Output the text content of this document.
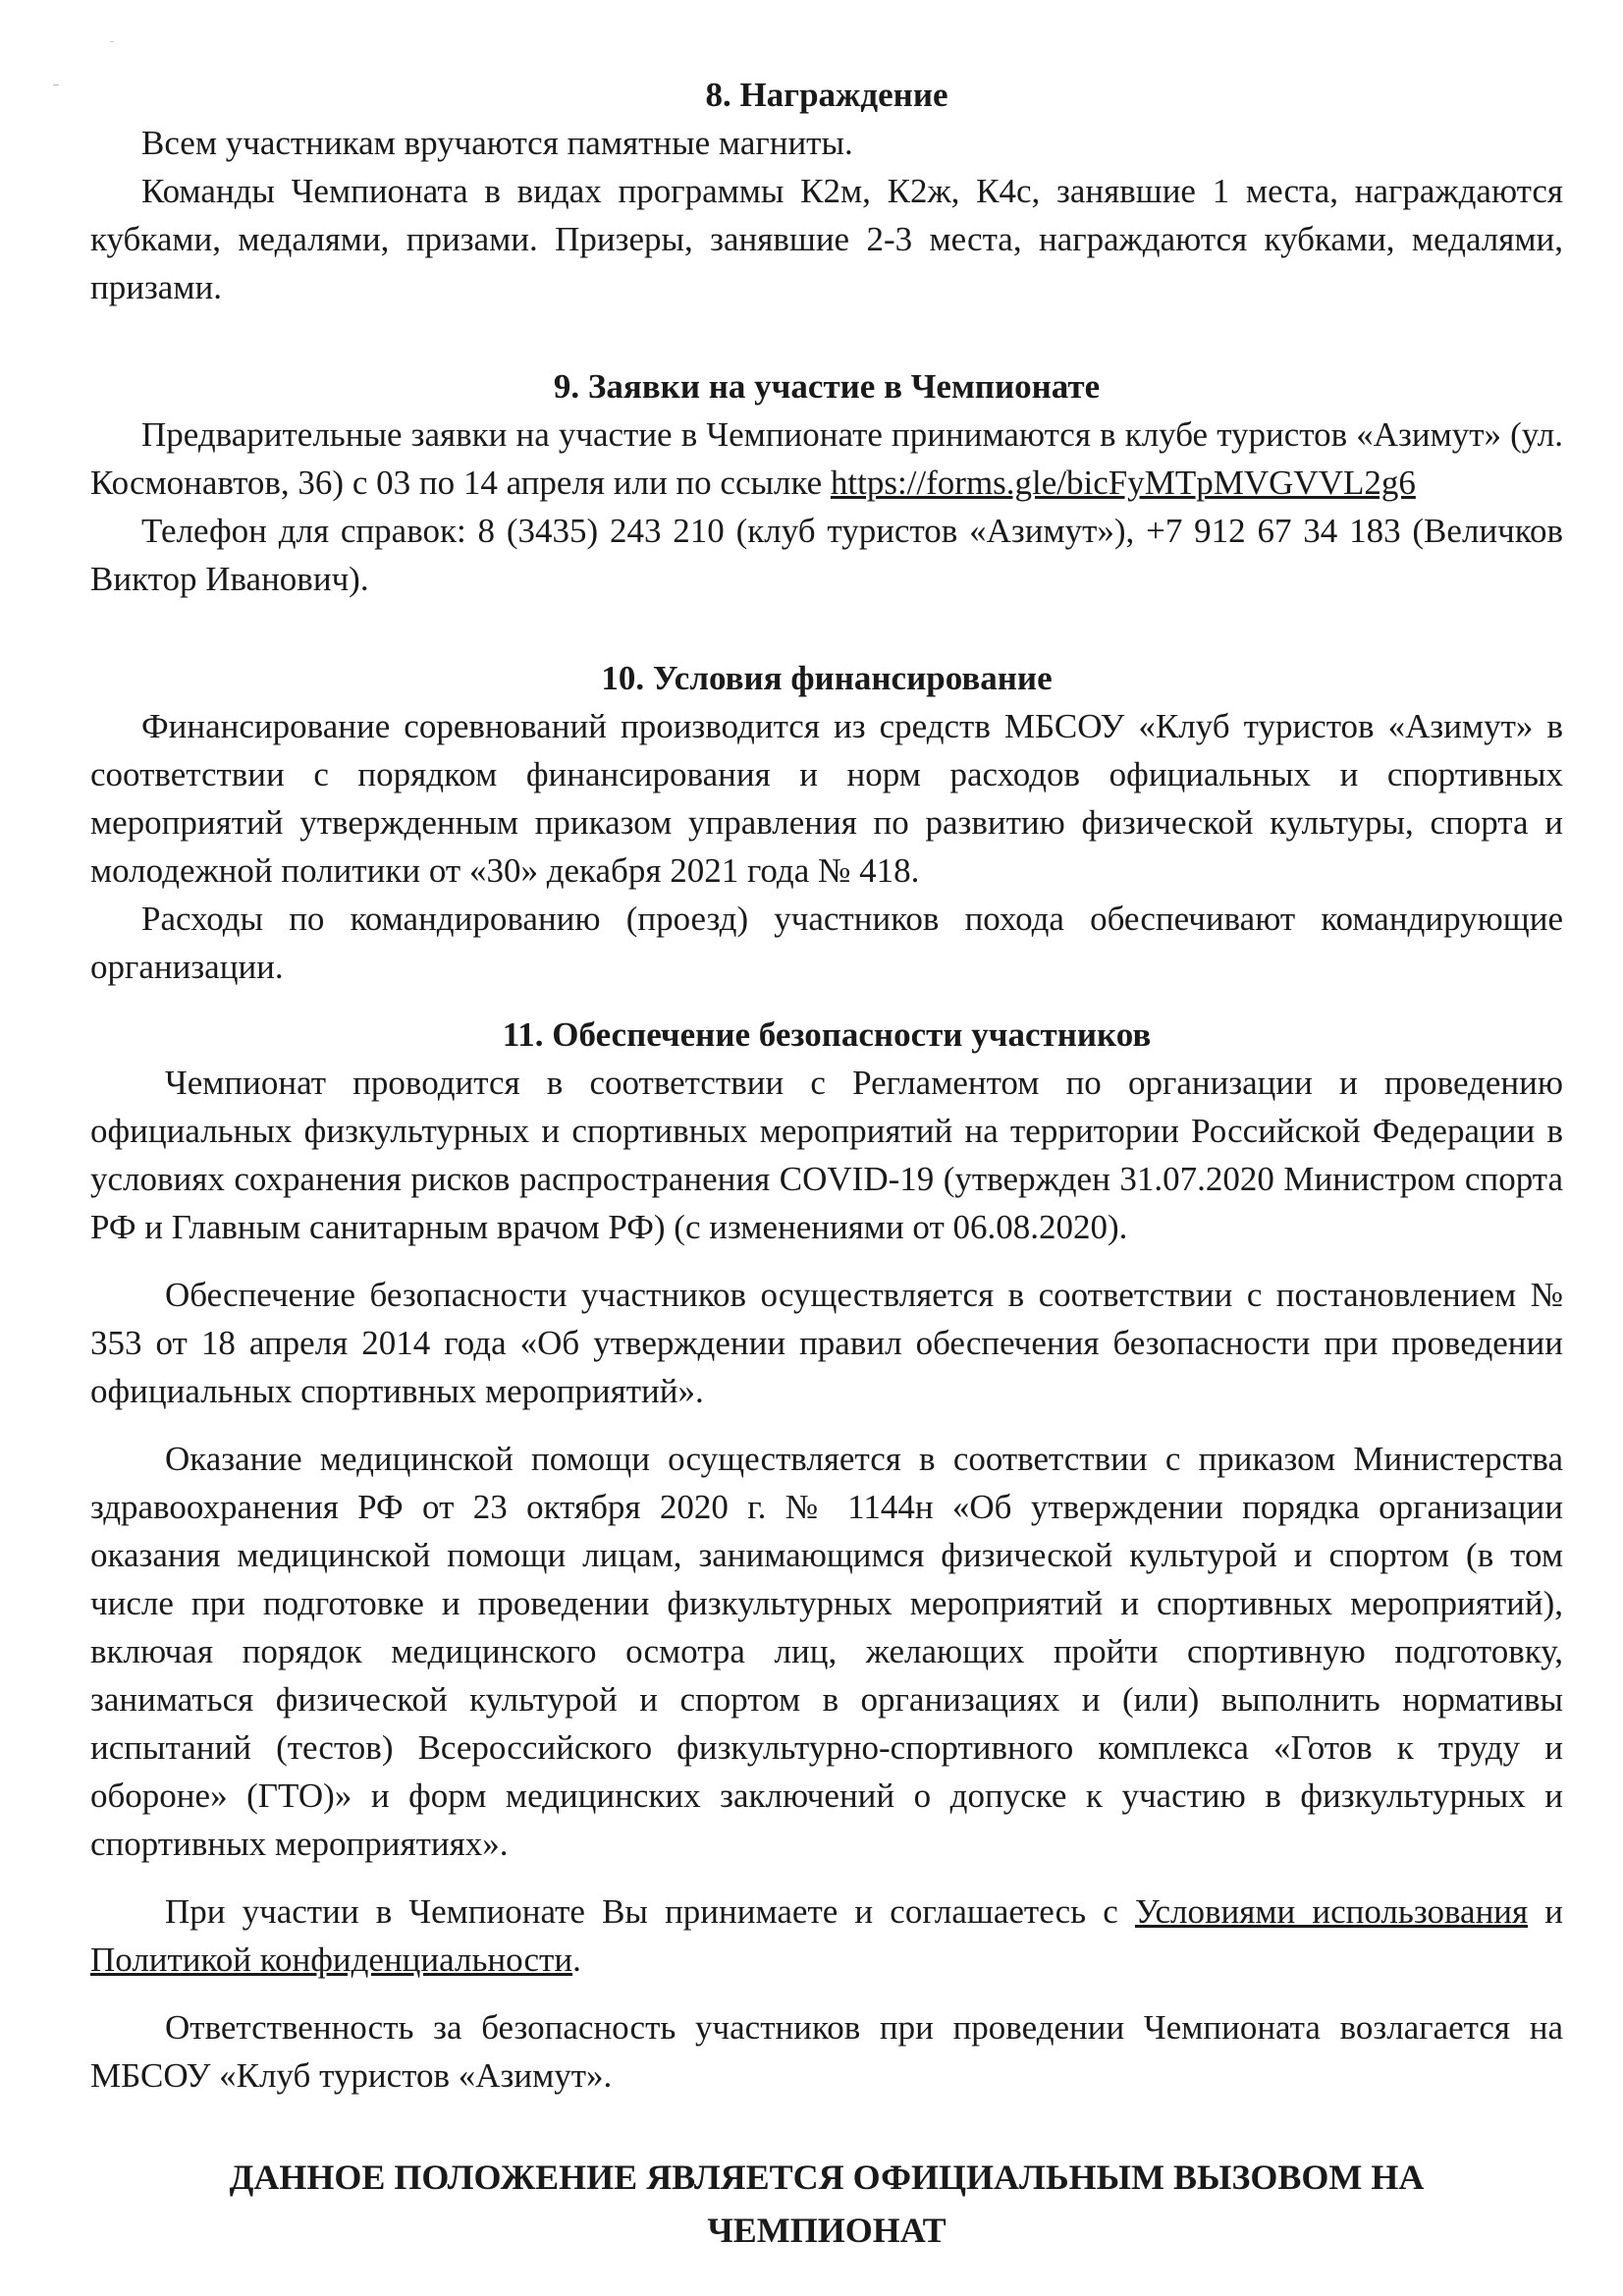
8. Награждение

Всем участникам вручаются памятные магниты.

Команды Чемпионата в видах программы К2м, К2ж, К4с, занявшие 1 места, награждаются кубками, медалями, призами. Призеры, занявшие 2-3 места, награждаются кубками, медалями, призами.

9. Заявки на участие в Чемпионате

Предварительные заявки на участие в Чемпионате принимаются в клубе туристов «Азимут» (ул. Космонавтов, 36) с 03 по 14 апреля или по ссылке https://forms.gle/bicFyMTpMVGVVL2g6

Телефон для справок: 8 (3435) 243 210 (клуб туристов «Азимут»), +7 912 67 34 183 (Величков Виктор Иванович).

10. Условия финансирование

Финансирование соревнований производится из средств МБСОУ «Клуб туристов «Азимут» в соответствии с порядком финансирования и норм расходов официальных и спортивных мероприятий утвержденным приказом управления по развитию физической культуры, спорта и молодежной политики от «30» декабря 2021 года № 418.

Расходы по командированию (проезд) участников похода обеспечивают командирующие организации.

11. Обеспечение безопасности участников

Чемпионат проводится в соответствии с Регламентом по организации и проведению официальных физкультурных и спортивных мероприятий на территории Российской Федерации в условиях сохранения рисков распространения COVID-19 (утвержден 31.07.2020 Министром спорта РФ и Главным санитарным врачом РФ) (с изменениями от 06.08.2020).

Обеспечение безопасности участников осуществляется в соответствии с постановлением № 353 от 18 апреля 2014 года «Об утверждении правил обеспечения безопасности при проведении официальных спортивных мероприятий».

Оказание медицинской помощи осуществляется в соответствии с приказом Министерства здравоохранения РФ от 23 октября 2020 г. № 1144н «Об утверждении порядка организации оказания медицинской помощи лицам, занимающимся физической культурой и спортом (в том числе при подготовке и проведении физкультурных мероприятий и спортивных мероприятий), включая порядок медицинского осмотра лиц, желающих пройти спортивную подготовку, заниматься физической культурой и спортом в организациях и (или) выполнить нормативы испытаний (тестов) Всероссийского физкультурно-спортивного комплекса «Готов к труду и обороне» (ГТО)» и форм медицинских заключений о допуске к участию в физкультурных и спортивных мероприятиях».

При участии в Чемпионате Вы принимаете и соглашаетесь с Условиями использования и Политикой конфиденциальности.

Ответственность за безопасность участников при проведении Чемпионата возлагается на МБСОУ «Клуб туристов «Азимут».

ДАННОЕ ПОЛОЖЕНИЕ ЯВЛЯЕТСЯ ОФИЦИАЛЬНЫМ ВЫЗОВОМ НА
ЧЕМПИОНАТ
